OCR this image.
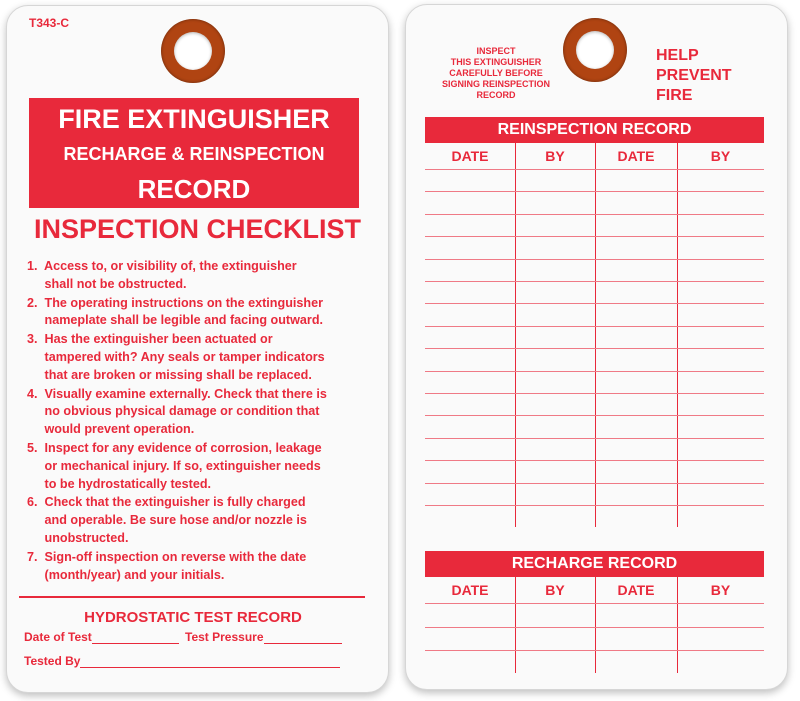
T343-C
FIRE EXTINGUISHER
RECHARGE & REINSPECTION
RECORD
INSPECTION CHECKLIST
1.  Access to, or visibility of, the extinguisher
shall not be obstructed.
2.  The operating instructions on the extinguisher
nameplate shall be legible and facing outward.
3.  Has the extinguisher been actuated or
tampered with? Any seals or tamper indicators
that are broken or missing shall be replaced.
4.  Visually examine externally. Check that there is
no obvious physical damage or condition that
would prevent operation.
5.  Inspect for any evidence of corrosion, leakage
or mechanical injury. If so, extinguisher needs
to be hydrostatically tested.
6.  Check that the extinguisher is fully charged
and operable. Be sure hose and/or nozzle is
unobstructed.
7.  Sign-off inspection on reverse with the date
(month/year) and your initials.
HYDROSTATIC TEST RECORD
Date of Test	Test Pressure
Tested By
INSPECT
THIS EXTINGUISHER
CAREFULLY BEFORE
SIGNING REINSPECTION
RECORD
HELP
PREVENT
FIRE
REINSPECTION RECORD
DATE	BY	DATE	BY
RECHARGE RECORD
DATE	BY	DATE	BY
